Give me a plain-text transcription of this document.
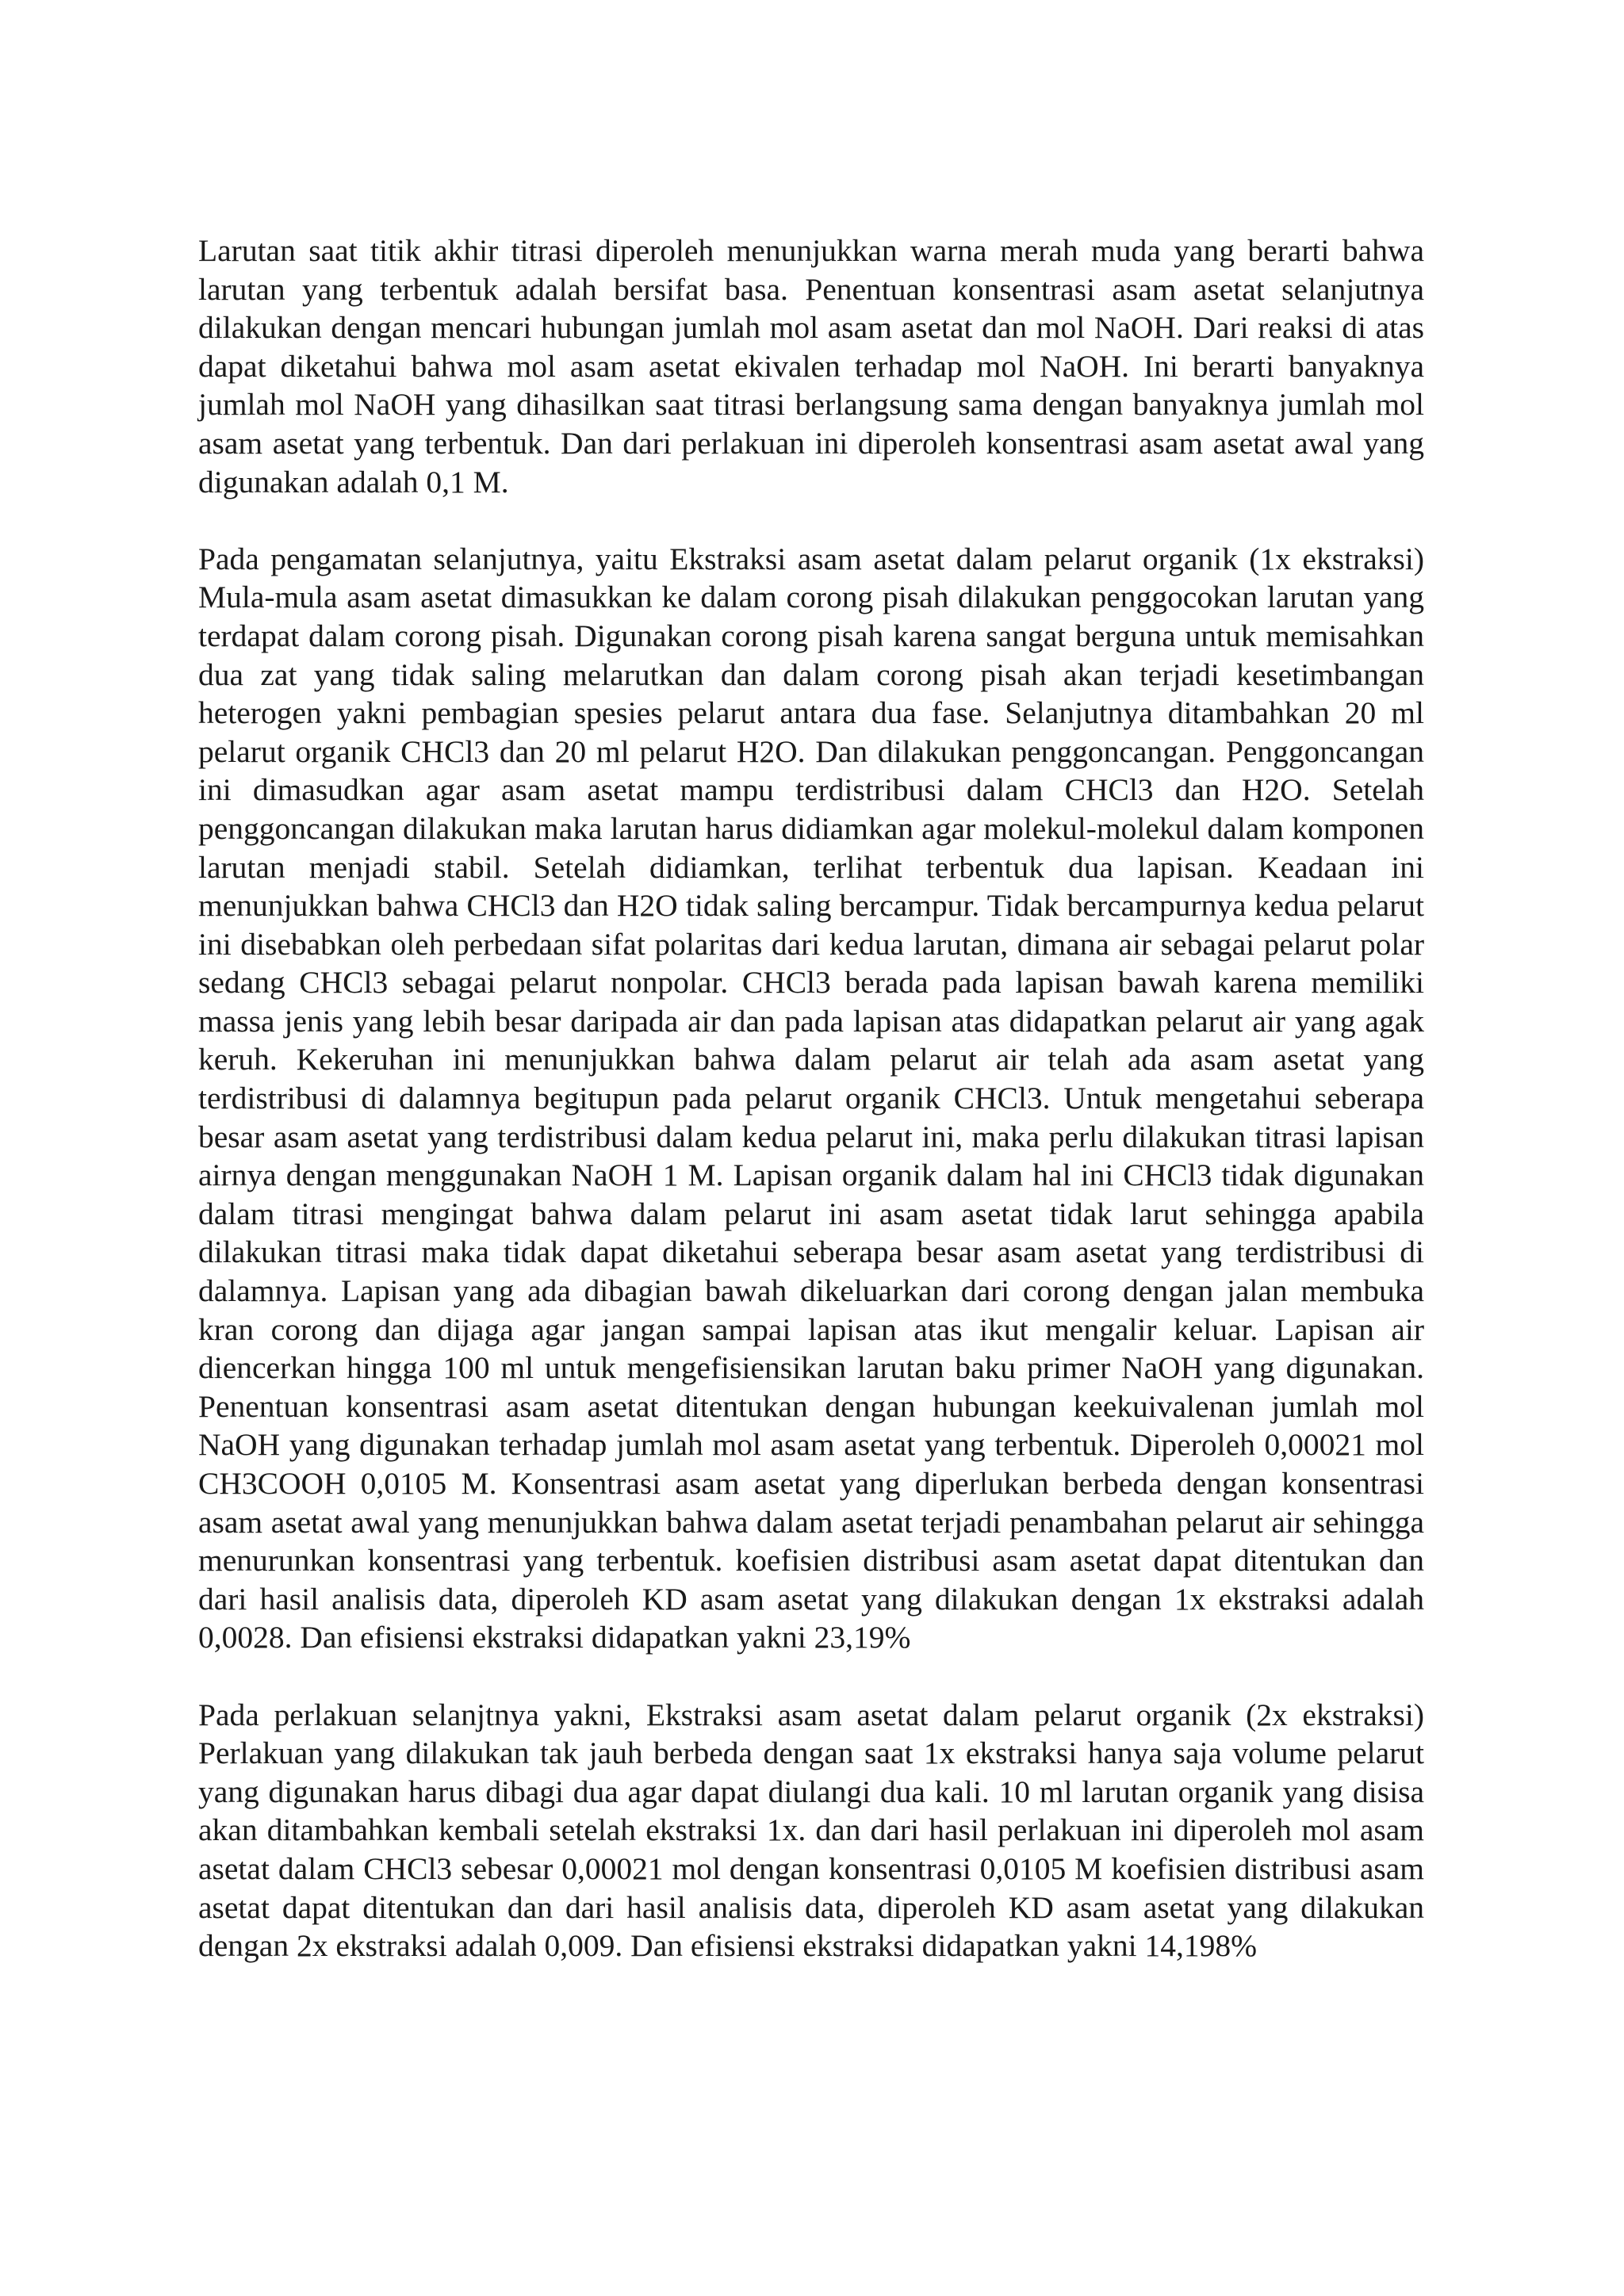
Larutan saat titik akhir titrasi diperoleh menunjukkan warna merah muda yang berarti bahwa larutan yang terbentuk adalah bersifat basa. Penentuan konsentrasi asam asetat selanjutnya dilakukan dengan mencari hubungan jumlah mol asam asetat dan mol NaOH. Dari reaksi di atas dapat diketahui bahwa mol asam asetat ekivalen terhadap mol NaOH. Ini berarti banyaknya jumlah mol NaOH yang dihasilkan saat titrasi berlangsung sama dengan banyaknya jumlah mol asam asetat yang terbentuk. Dan dari perlakuan ini diperoleh konsentrasi asam asetat awal yang digunakan adalah 0,1 M.

Pada pengamatan selanjutnya, yaitu Ekstraksi asam asetat dalam pelarut organik (1x ekstraksi) Mula-mula asam asetat dimasukkan ke dalam corong pisah dilakukan penggocokan larutan yang terdapat dalam corong pisah. Digunakan corong pisah karena sangat berguna untuk memisahkan dua zat yang tidak saling melarutkan dan dalam corong pisah akan terjadi kesetimbangan heterogen yakni pembagian spesies pelarut antara dua fase. Selanjutnya ditambahkan 20 ml pelarut organik CHCl3 dan 20 ml pelarut H2O. Dan dilakukan penggoncangan. Penggoncangan ini dimasudkan agar asam asetat mampu terdistribusi dalam CHCl3 dan H2O. Setelah penggoncangan dilakukan maka larutan harus didiamkan agar molekul-molekul dalam komponen larutan menjadi stabil. Setelah didiamkan, terlihat terbentuk dua lapisan. Keadaan ini menunjukkan bahwa CHCl3 dan H2O tidak saling bercampur. Tidak bercampurnya kedua pelarut ini disebabkan oleh perbedaan sifat polaritas dari kedua larutan, dimana air sebagai pelarut polar sedang CHCl3 sebagai pelarut nonpolar. CHCl3 berada pada lapisan bawah karena memiliki massa jenis yang lebih besar daripada air dan pada lapisan atas didapatkan pelarut air yang agak keruh. Kekeruhan ini menunjukkan bahwa dalam pelarut air telah ada asam asetat yang terdistribusi di dalamnya begitupun pada pelarut organik CHCl3. Untuk mengetahui seberapa besar asam asetat yang terdistribusi dalam kedua pelarut ini, maka perlu dilakukan titrasi lapisan airnya dengan menggunakan NaOH 1 M. Lapisan organik dalam hal ini CHCl3 tidak digunakan dalam titrasi mengingat bahwa dalam pelarut ini asam asetat tidak larut sehingga apabila dilakukan titrasi maka tidak dapat diketahui seberapa besar asam asetat yang terdistribusi di dalamnya. Lapisan yang ada dibagian bawah dikeluarkan dari corong dengan jalan membuka kran corong dan dijaga agar jangan sampai lapisan atas ikut mengalir keluar. Lapisan air diencerkan hingga 100 ml untuk mengefisiensikan larutan baku primer NaOH yang digunakan. Penentuan konsentrasi asam asetat ditentukan dengan hubungan keekuivalenan jumlah mol NaOH yang digunakan terhadap jumlah mol asam asetat yang terbentuk. Diperoleh 0,00021 mol CH3COOH 0,0105 M. Konsentrasi asam asetat yang diperlukan berbeda dengan konsentrasi asam asetat awal yang menunjukkan bahwa dalam asetat terjadi penambahan pelarut air sehingga menurunkan konsentrasi yang terbentuk. koefisien distribusi asam asetat dapat ditentukan dan dari hasil analisis data, diperoleh KD asam asetat yang dilakukan dengan 1x ekstraksi adalah 0,0028. Dan efisiensi ekstraksi didapatkan yakni 23,19%

Pada perlakuan selanjtnya yakni, Ekstraksi asam asetat dalam pelarut organik (2x ekstraksi) Perlakuan yang dilakukan tak jauh berbeda dengan saat 1x ekstraksi hanya saja volume pelarut yang digunakan harus dibagi dua agar dapat diulangi dua kali. 10 ml larutan organik yang disisa akan ditambahkan kembali setelah ekstraksi 1x. dan dari hasil perlakuan ini diperoleh mol asam asetat dalam CHCl3 sebesar 0,00021 mol dengan konsentrasi 0,0105 M koefisien distribusi asam asetat dapat ditentukan dan dari hasil analisis data, diperoleh KD asam asetat yang dilakukan dengan 2x ekstraksi adalah 0,009. Dan efisiensi ekstraksi didapatkan yakni 14,198%
